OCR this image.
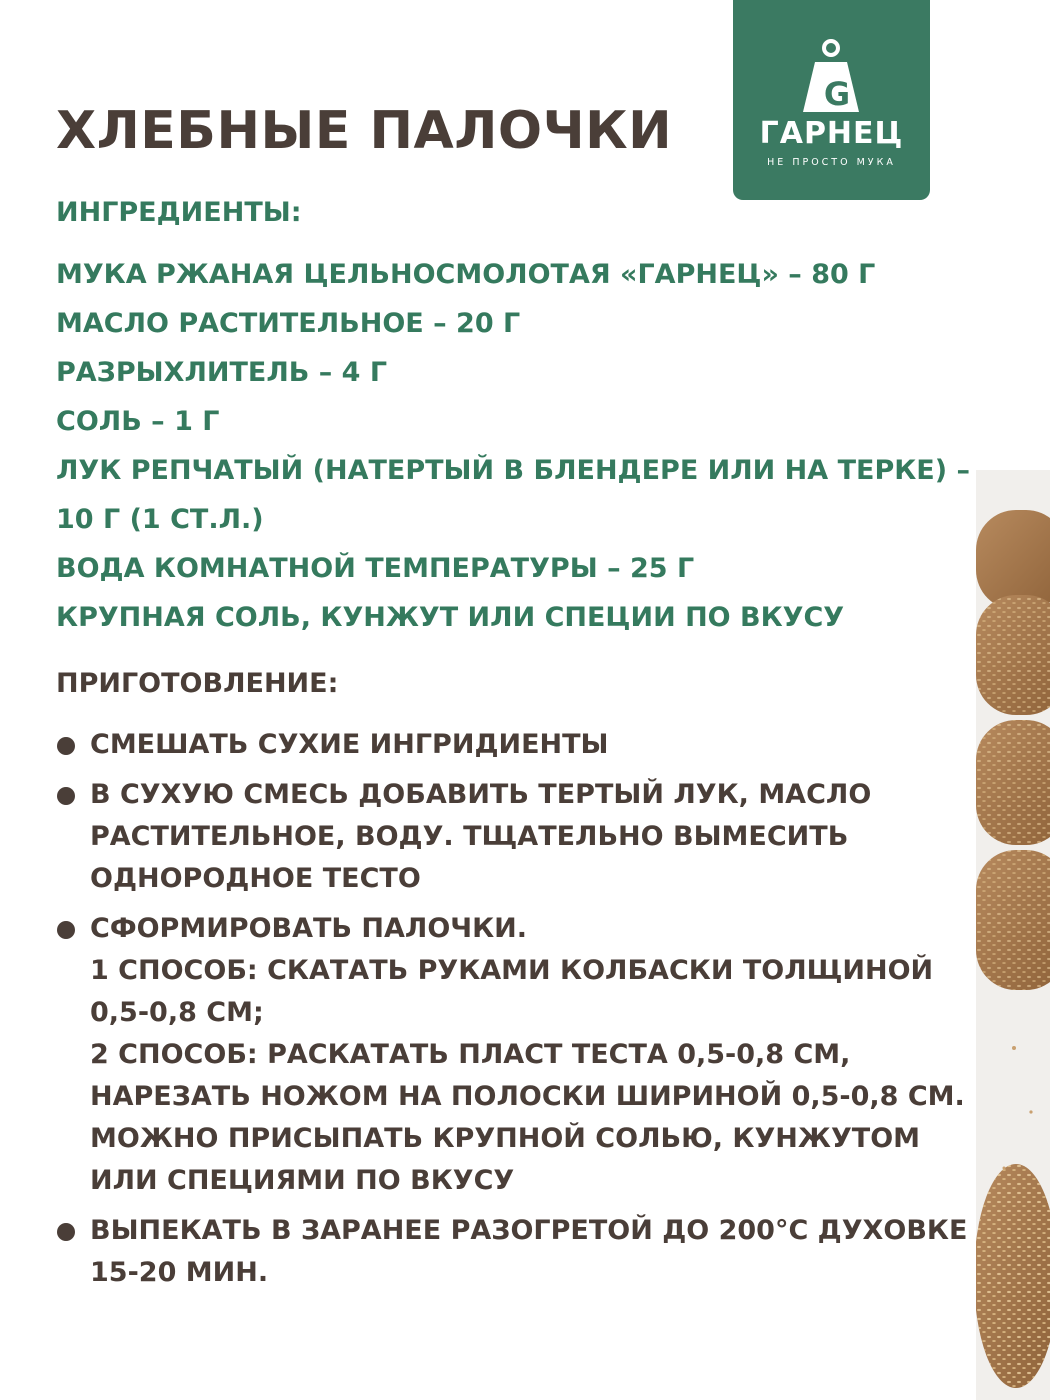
ХЛЕБНЫЕ ПАЛОЧКИ
G
ГАРНЕЦ
НЕ ПРОСТО МУКА
ИНГРЕДИЕНТЫ:
МУКА РЖАНАЯ ЦЕЛЬНОСМОЛОТАЯ «ГАРНЕЦ» – 80 Г
МАСЛО РАСТИТЕЛЬНОЕ – 20 Г
РАЗРЫХЛИТЕЛЬ – 4 Г
СОЛЬ – 1 Г
ЛУК РЕПЧАТЫЙ (НАТЕРТЫЙ В БЛЕНДЕРЕ ИЛИ НА ТЕРКЕ) –
10 Г (1 СТ.Л.)
ВОДА КОМНАТНОЙ ТЕМПЕРАТУРЫ – 25 Г
КРУПНАЯ СОЛЬ, КУНЖУТ ИЛИ СПЕЦИИ ПО ВКУСУ
ПРИГОТОВЛЕНИЕ:
СМЕШАТЬ СУХИЕ ИНГРИДИЕНТЫ
В СУХУЮ СМЕСЬ ДОБАВИТЬ ТЕРТЫЙ ЛУК, МАСЛО
РАСТИТЕЛЬНОЕ, ВОДУ. ТЩАТЕЛЬНО ВЫМЕСИТЬ
ОДНОРОДНОЕ ТЕСТО
СФОРМИРОВАТЬ ПАЛОЧКИ.
1 СПОСОБ: СКАТАТЬ РУКАМИ КОЛБАСКИ ТОЛЩИНОЙ
0,5-0,8 СМ;
2 СПОСОБ: РАСКАТАТЬ ПЛАСТ ТЕСТА 0,5-0,8 СМ,
НАРЕЗАТЬ НОЖОМ НА ПОЛОСКИ ШИРИНОЙ 0,5-0,8 СМ.
МОЖНО ПРИСЫПАТЬ КРУПНОЙ СОЛЬЮ, КУНЖУТОМ
ИЛИ СПЕЦИЯМИ ПО ВКУСУ
ВЫПЕКАТЬ В ЗАРАНЕЕ РАЗОГРЕТОЙ ДО 200°С ДУХОВКЕ
15-20 МИН.
